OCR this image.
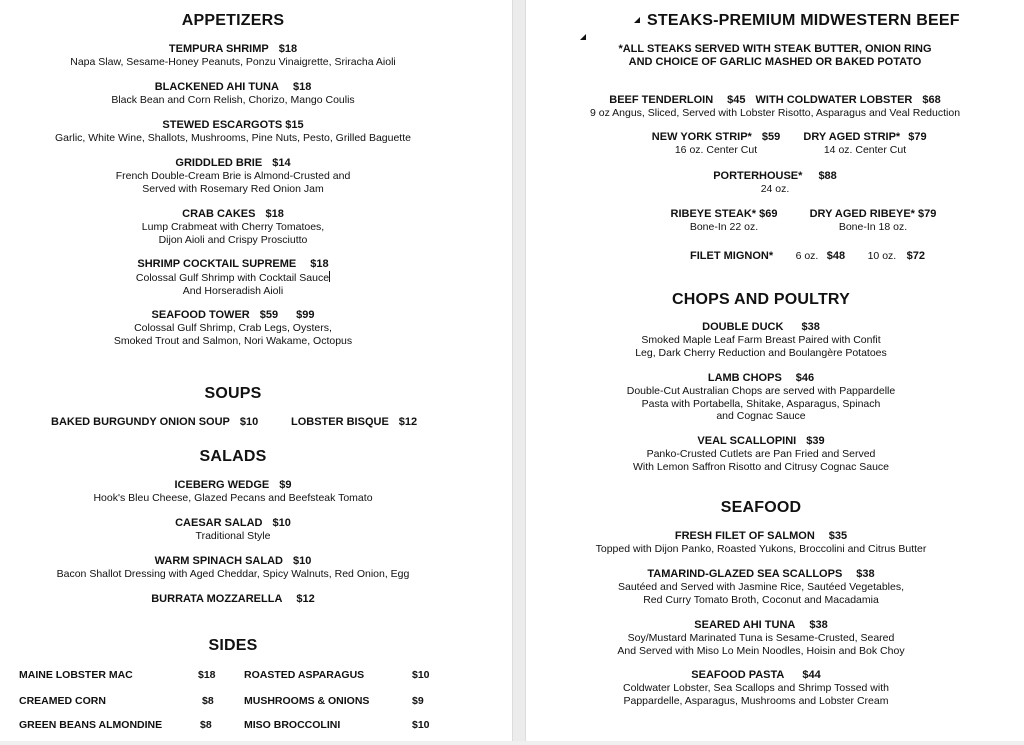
APPETIZERS
TEMPURA SHRIMP $18
Napa Slaw, Sesame-Honey Peanuts, Ponzu Vinaigrette, Sriracha Aioli
BLACKENED AHI TUNA $18
Black Bean and Corn Relish, Chorizo, Mango Coulis
STEWED ESCARGOTS $15
Garlic, White Wine, Shallots, Mushrooms, Pine Nuts, Pesto, Grilled Baguette
GRIDDLED BRIE $14
French Double-Cream Brie is Almond-Crusted and
Served with Rosemary Red Onion Jam
CRAB CAKES $18
Lump Crabmeat with Cherry Tomatoes,
Dijon Aioli and Crispy Prosciutto
SHRIMP COCKTAIL SUPREME $18
Colossal Gulf Shrimp with Cocktail Sauce
And Horseradish Aioli
SEAFOOD TOWER $59 $99
Colossal Gulf Shrimp, Crab Legs, Oysters,
Smoked Trout and Salmon, Nori Wakame, Octopus
SOUPS
BAKED BURGUNDY ONION SOUP $10	LOBSTER BISQUE $12
SALADS
ICEBERG WEDGE $9
Hook's Bleu Cheese, Glazed Pecans and Beefsteak Tomato
CAESAR SALAD $10
Traditional Style
WARM SPINACH SALAD $10
Bacon Shallot Dressing with Aged Cheddar, Spicy Walnuts, Red Onion, Egg
BURRATA MOZZARELLA $12
SIDES
MAINE LOBSTER MAC	$18	ROASTED ASPARAGUS	$10
CREAMED CORN	$8	MUSHROOMS & ONIONS	$9
GREEN BEANS ALMONDINE	$8	MISO BROCCOLINI	$10
STEAKS-PREMIUM MIDWESTERN BEEF
*ALL STEAKS SERVED WITH STEAK BUTTER, ONION RING
AND CHOICE OF GARLIC MASHED OR BAKED POTATO
BEEF TENDERLOIN $45 WITH COLDWATER LOBSTER $68
9 oz Angus, Sliced, Served with Lobster Risotto, Asparagus and Veal Reduction
NEW YORK STRIP* $59
16 oz. Center Cut
DRY AGED STRIP* $79
14 oz. Center Cut
PORTERHOUSE* $88
24 oz.
RIBEYE STEAK* $69
Bone-In 22 oz.
DRY AGED RIBEYE* $79
Bone-In 18 oz.
FILET MIGNON* 6 oz. $48 10 oz. $72
CHOPS AND POULTRY
DOUBLE DUCK $38
Smoked Maple Leaf Farm Breast Paired with Confit
Leg, Dark Cherry Reduction and Boulangère Potatoes
LAMB CHOPS $46
Double-Cut Australian Chops are served with Pappardelle
Pasta with Portabella, Shitake, Asparagus, Spinach
and Cognac Sauce
VEAL SCALLOPINI $39
Panko-Crusted Cutlets are Pan Fried and Served
With Lemon Saffron Risotto and Citrusy Cognac Sauce
SEAFOOD
FRESH FILET OF SALMON $35
Topped with Dijon Panko, Roasted Yukons, Broccolini and Citrus Butter
TAMARIND-GLAZED SEA SCALLOPS $38
Sautéed and Served with Jasmine Rice, Sautéed Vegetables,
Red Curry Tomato Broth, Coconut and Macadamia
SEARED AHI TUNA $38
Soy/Mustard Marinated Tuna is Sesame-Crusted, Seared
And Served with Miso Lo Mein Noodles, Hoisin and Bok Choy
SEAFOOD PASTA $44
Coldwater Lobster, Sea Scallops and Shrimp Tossed with
Pappardelle, Asparagus, Mushrooms and Lobster Cream
